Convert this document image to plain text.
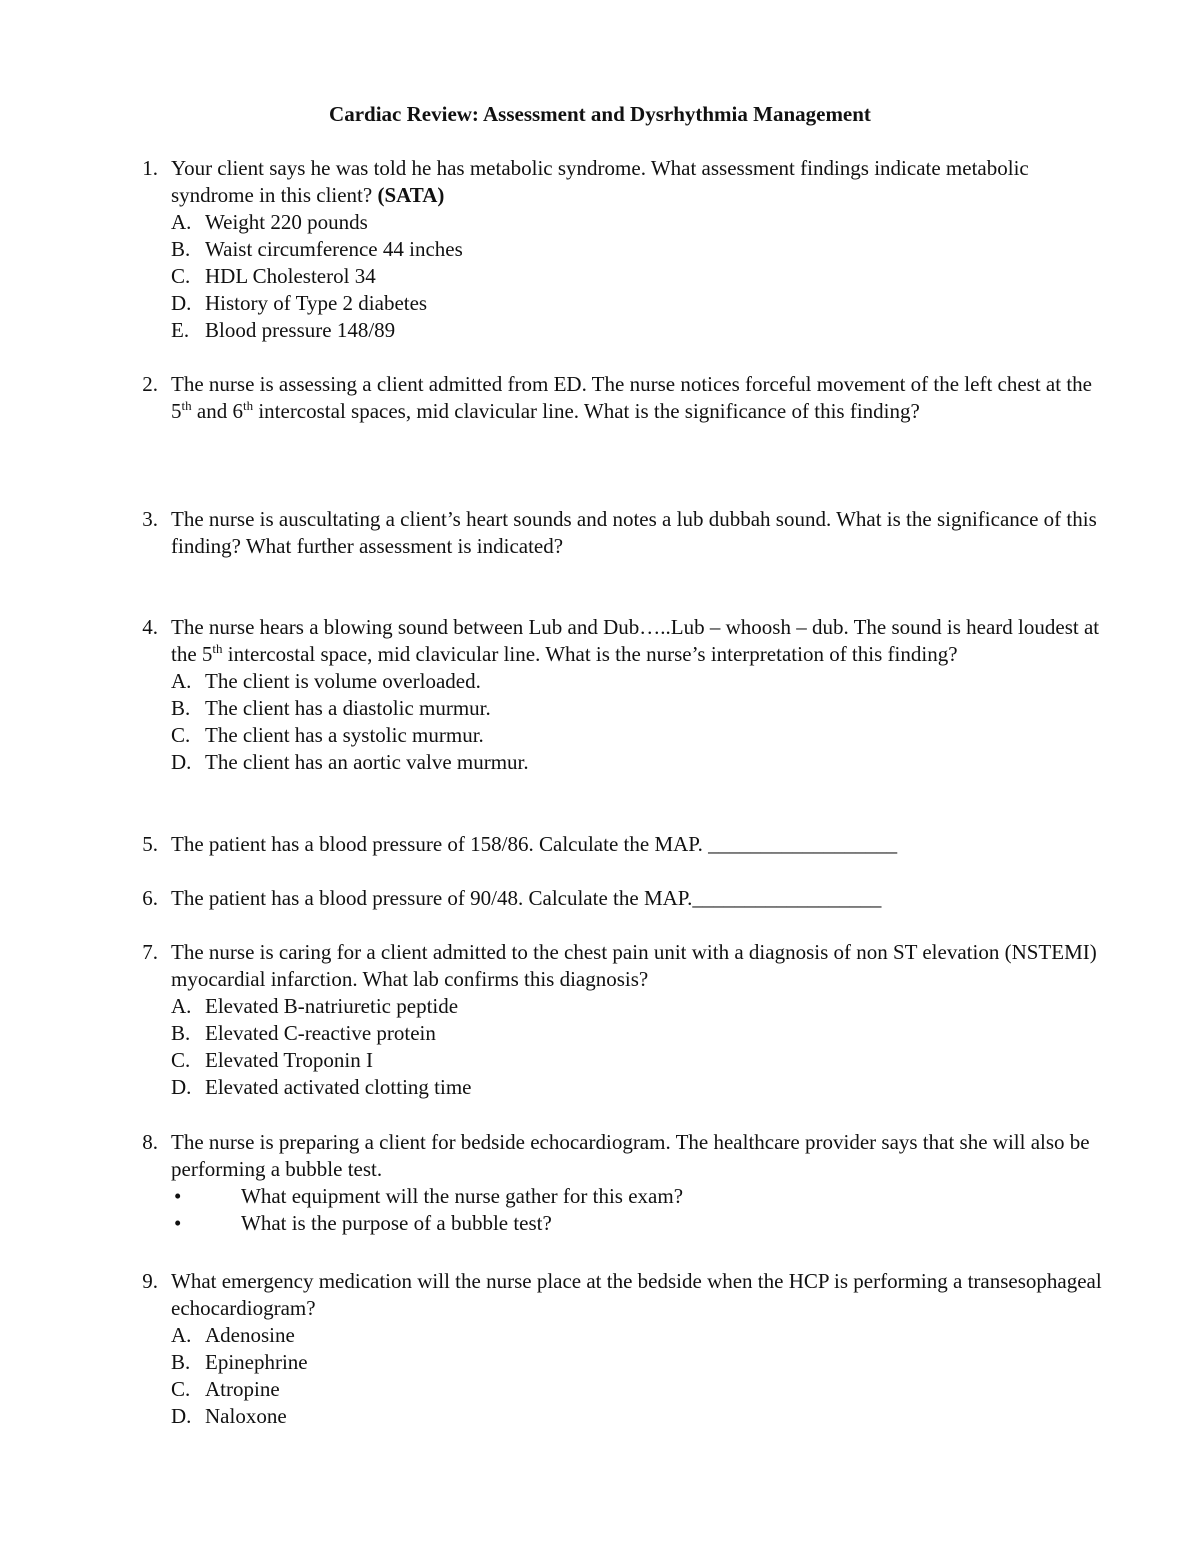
Cardiac Review: Assessment and Dysrhythmia Management
1. Your client says he was told he has metabolic syndrome. What assessment findings indicate metabolic syndrome in this client? (SATA)
A. Weight 220 pounds
B. Waist circumference 44 inches
C. HDL Cholesterol 34
D. History of Type 2 diabetes
E. Blood pressure 148/89
2. The nurse is assessing a client admitted from ED. The nurse notices forceful movement of the left chest at the 5th and 6th intercostal spaces, mid clavicular line. What is the significance of this finding?
3. The nurse is auscultating a client’s heart sounds and notes a lub dubbah sound. What is the significance of this finding? What further assessment is indicated?
4. The nurse hears a blowing sound between Lub and Dub…..Lub – whoosh – dub. The sound is heard loudest at the 5th intercostal space, mid clavicular line. What is the nurse’s interpretation of this finding?
A. The client is volume overloaded.
B. The client has a diastolic murmur.
C. The client has a systolic murmur.
D. The client has an aortic valve murmur.
5. The patient has a blood pressure of 158/86. Calculate the MAP. __________________
6. The patient has a blood pressure of 90/48. Calculate the MAP.__________________
7. The nurse is caring for a client admitted to the chest pain unit with a diagnosis of non ST elevation (NSTEMI) myocardial infarction. What lab confirms this diagnosis?
A. Elevated B-natriuretic peptide
B. Elevated C-reactive protein
C. Elevated Troponin I
D. Elevated activated clotting time
8. The nurse is preparing a client for bedside echocardiogram. The healthcare provider says that she will also be performing a bubble test.
•	What equipment will the nurse gather for this exam?
•	What is the purpose of a bubble test?
9. What emergency medication will the nurse place at the bedside when the HCP is performing a transesophageal echocardiogram?
A. Adenosine
B. Epinephrine
C. Atropine
D. Naloxone
